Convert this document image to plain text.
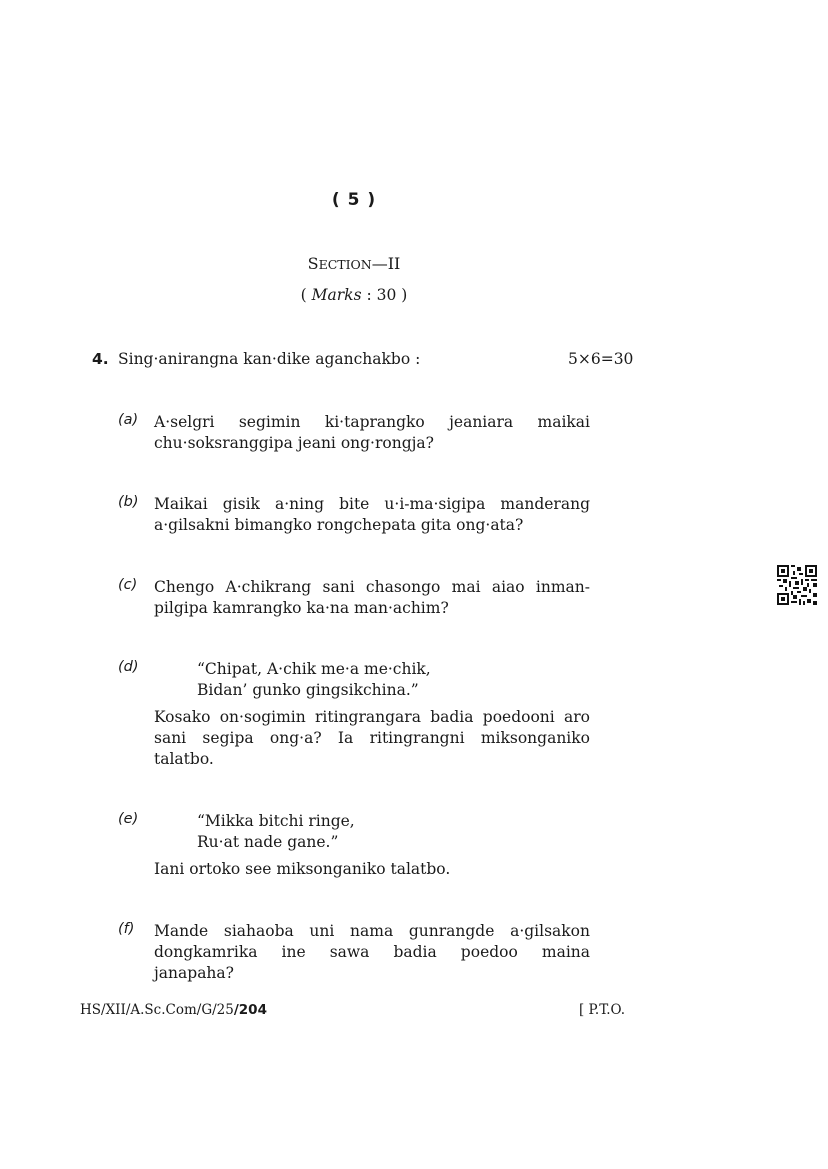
( 5 )
SECTION—II
( Marks : 30 )
4. Sing·anirangna kan·dike aganchakbo :	5×6=30
(a) A·selgri segimin ki·taprangko jeaniara maikai
chu·soksranggipa jeani ong·rongja?
(b) Maikai gisik a·ning bite u·i-ma·sigipa manderang
a·gilsakni bimangko rongchepata gita ong·ata?
(c) Chengo A·chikrang sani chasongo mai aiao inman-
pilgipa kamrangko ka·na man·achim?
(d)	“Chipat, A·chik me·a me·chik,
Bidan’ gunko gingsikchina.”
Kosako on·sogimin ritingrangara badia poedooni aro
sani segipa ong·a? Ia ritingrangni miksonganiko
talatbo.
(e)	“Mikka bitchi ringe,
Ru·at nade gane.”
Iani ortoko see miksonganiko talatbo.
(f) Mande siahaoba uni nama gunrangde a·gilsakon
dongkamrika ine sawa badia poedoo maina
janapaha?
HS/XII/A.Sc.Com/G/25/204	[ P.T.O.
